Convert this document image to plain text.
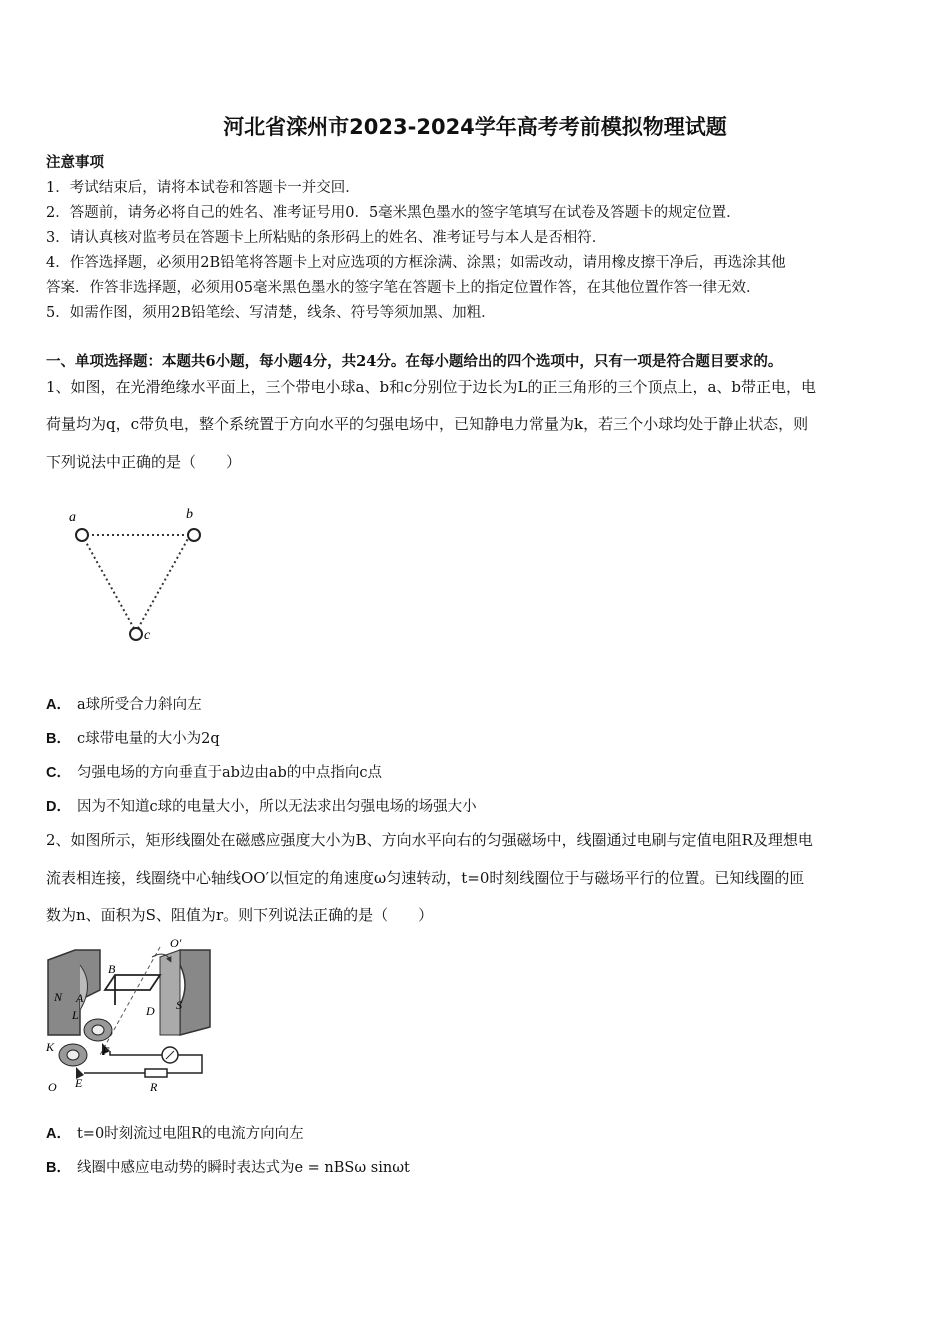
河北省滦州市2023-2024学年高考考前模拟物理试题
注意事项
1．考试结束后，请将本试卷和答题卡一并交回．
2．答题前，请务必将自己的姓名、准考证号用0．5毫米黑色墨水的签字笔填写在试卷及答题卡的规定位置．
3．请认真核对监考员在答题卡上所粘贴的条形码上的姓名、准考证号与本人是否相符．
4．作答选择题，必须用2B铅笔将答题卡上对应选项的方框涂满、涂黑；如需改动，请用橡皮擦干净后，再选涂其他
答案．作答非选择题，必须用05毫米黑色墨水的签字笔在答题卡上的指定位置作答，在其他位置作答一律无效．
5．如需作图，须用2B铅笔绘、写清楚，线条、符号等须加黑、加粗．
一、单项选择题：本题共6小题，每小题4分，共24分。在每小题给出的四个选项中，只有一项是符合题目要求的。
1、如图，在光滑绝缘水平面上，三个带电小球a、b和c分别位于边长为L的正三角形的三个顶点上，a、b带正电，电
荷量均为q，c带负电，整个系统置于方向水平的匀强电场中，已知静电力常量为k，若三个小球均处于静止状态，则
下列说法中正确的是（　　）
a	b
c
A． a球所受合力斜向左
B． c球带电量的大小为2q
C． 匀强电场的方向垂直于ab边由ab的中点指向c点
D． 因为不知道c球的电量大小，所以无法求出匀强电场的场强大小
2、如图所示，矩形线圈处在磁感应强度大小为B、方向水平向右的匀强磁场中，线圈通过电刷与定值电阻R及理想电
流表相连接，线圈绕中心轴线OO′以恒定的角速度ω匀速转动，t=0时刻线圈位于与磁场平行的位置。已知线圈的匝
数为n、面积为S、阻值为r。则下列说法正确的是（　　）
O′
B
N
S
A
D
L
K	F
O E	R
A． t=0时刻流过电阻R的电流方向向左
B． 线圈中感应电动势的瞬时表达式为e = nBSω sinωt
